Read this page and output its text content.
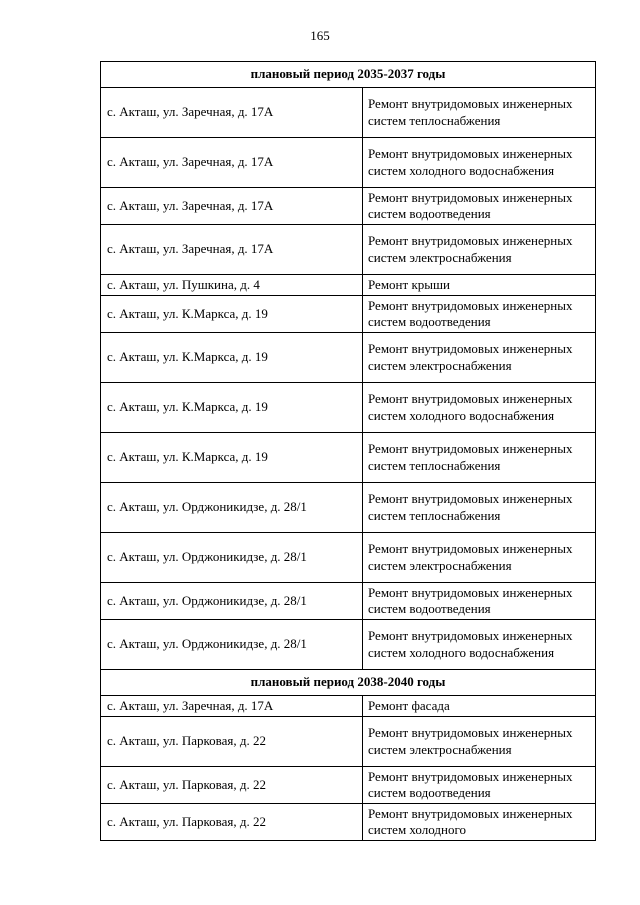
165
плановый период 2035-2037 годы	
с. Акташ, ул. Заречная, д. 17А	Ремонт внутридомовых инженерных систем теплоснабжения
с. Акташ, ул. Заречная, д. 17А	Ремонт внутридомовых инженерных систем холодного водоснабжения
с. Акташ, ул. Заречная, д. 17А	Ремонт внутридомовых инженерных систем водоотведения
с. Акташ, ул. Заречная, д. 17А	Ремонт внутридомовых инженерных систем электроснабжения
с. Акташ, ул. Пушкина, д. 4	Ремонт крыши
с. Акташ, ул. К.Маркса, д. 19	Ремонт внутридомовых инженерных систем водоотведения
с. Акташ, ул. К.Маркса, д. 19	Ремонт внутридомовых инженерных систем электроснабжения
с. Акташ, ул. К.Маркса, д. 19	Ремонт внутридомовых инженерных систем холодного водоснабжения
с. Акташ, ул. К.Маркса, д. 19	Ремонт внутридомовых инженерных систем теплоснабжения
с. Акташ, ул. Орджоникидзе, д. 28/1	Ремонт внутридомовых инженерных систем теплоснабжения
с. Акташ, ул. Орджоникидзе, д. 28/1	Ремонт внутридомовых инженерных систем электроснабжения
с. Акташ, ул. Орджоникидзе, д. 28/1	Ремонт внутридомовых инженерных систем водоотведения
с. Акташ, ул. Орджоникидзе, д. 28/1	Ремонт внутридомовых инженерных систем холодного водоснабжения
плановый период 2038-2040 годы	
с. Акташ, ул. Заречная, д. 17А	Ремонт фасада
с. Акташ, ул. Парковая, д. 22	Ремонт внутридомовых инженерных систем электроснабжения
с. Акташ, ул. Парковая, д. 22	Ремонт внутридомовых инженерных систем водоотведения
с. Акташ, ул. Парковая, д. 22	Ремонт внутридомовых инженерных систем холодного
